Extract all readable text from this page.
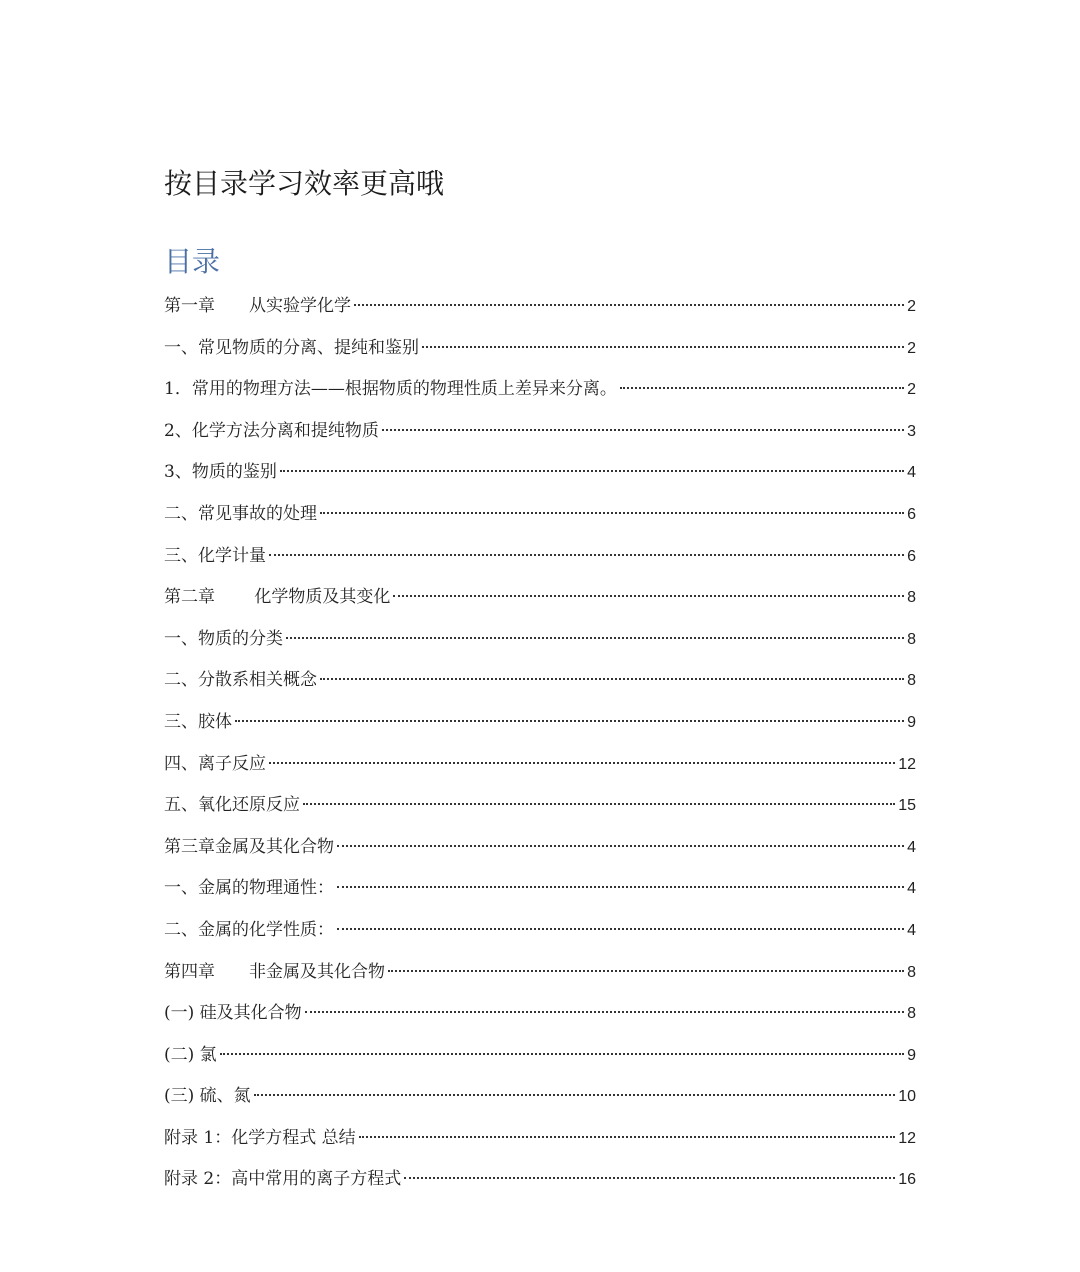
按目录学习效率更高哦
目录
第一章　　从实验学化学	2
一、常见物质的分离、提纯和鉴别	2
1．常用的物理方法——根据物质的物理性质上差异来分离。	2
2、化学方法分离和提纯物质	3
3、物质的鉴别	4
二、常见事故的处理	6
三、化学计量	6
第二章　　 化学物质及其变化	8
一、物质的分类	8
二、分散系相关概念	8
三、胶体	9
四、离子反应	12
五、氧化还原反应	15
第三章金属及其化合物	4
一、金属的物理通性：	4
二、金属的化学性质：	4
第四章　　非金属及其化合物	8
(一) 硅及其化合物	8
(二) 氯	9
(三) 硫、氮	10
附录 1：化学方程式 总结	12
附录 2：高中常用的离子方程式	16
